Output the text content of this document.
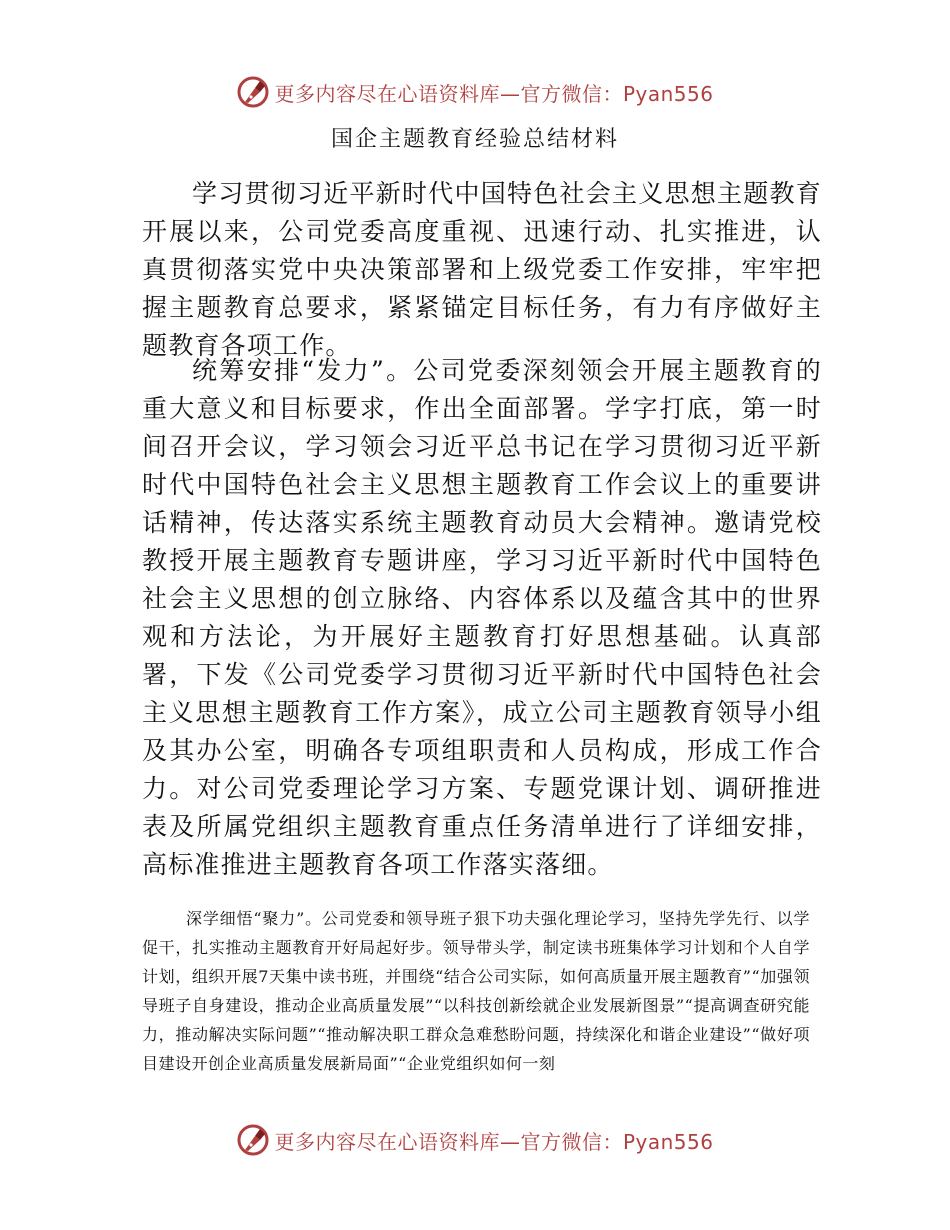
更多内容尽在心语资料库—官方微信：Pyan556
国企主题教育经验总结材料

学习贯彻习近平新时代中国特色社会主义思想主题教育开展以来，公司党委高度重视、迅速行动、扎实推进，认真贯彻落实党中央决策部署和上级党委工作安排，牢牢把握主题教育总要求，紧紧锚定目标任务，有力有序做好主题教育各项工作。

统筹安排“发力”。公司党委深刻领会开展主题教育的重大意义和目标要求，作出全面部署。学字打底，第一时间召开会议，学习领会习近平总书记在学习贯彻习近平新时代中国特色社会主义思想主题教育工作会议上的重要讲话精神，传达落实系统主题教育动员大会精神。邀请党校教授开展主题教育专题讲座，学习习近平新时代中国特色社会主义思想的创立脉络、内容体系以及蕴含其中的世界观和方法论，为开展好主题教育打好思想基础。认真部署，下发《公司党委学习贯彻习近平新时代中国特色社会主义思想主题教育工作方案》，成立公司主题教育领导小组及其办公室，明确各专项组职责和人员构成，形成工作合力。对公司党委理论学习方案、专题党课计划、调研推进表及所属党组织主题教育重点任务清单进行了详细安排，高标准推进主题教育各项工作落实落细。

深学细悟“聚力”。公司党委和领导班子狠下功夫强化理论学习，坚持先学先行、以学促干，扎实推动主题教育开好局起好步。领导带头学，制定读书班集体学习计划和个人自学计划，组织开展7天集中读书班，并围绕“结合公司实际，如何高质量开展主题教育”“加强领导班子自身建设，推动企业高质量发展”“以科技创新绘就企业发展新图景”“提高调查研究能力，推动解决实际问题”“推动解决职工群众急难愁盼问题，持续深化和谐企业建设”“做好项目建设开创企业高质量发展新局面”“企业党组织如何一刻

更多内容尽在心语资料库—官方微信：Pyan556
